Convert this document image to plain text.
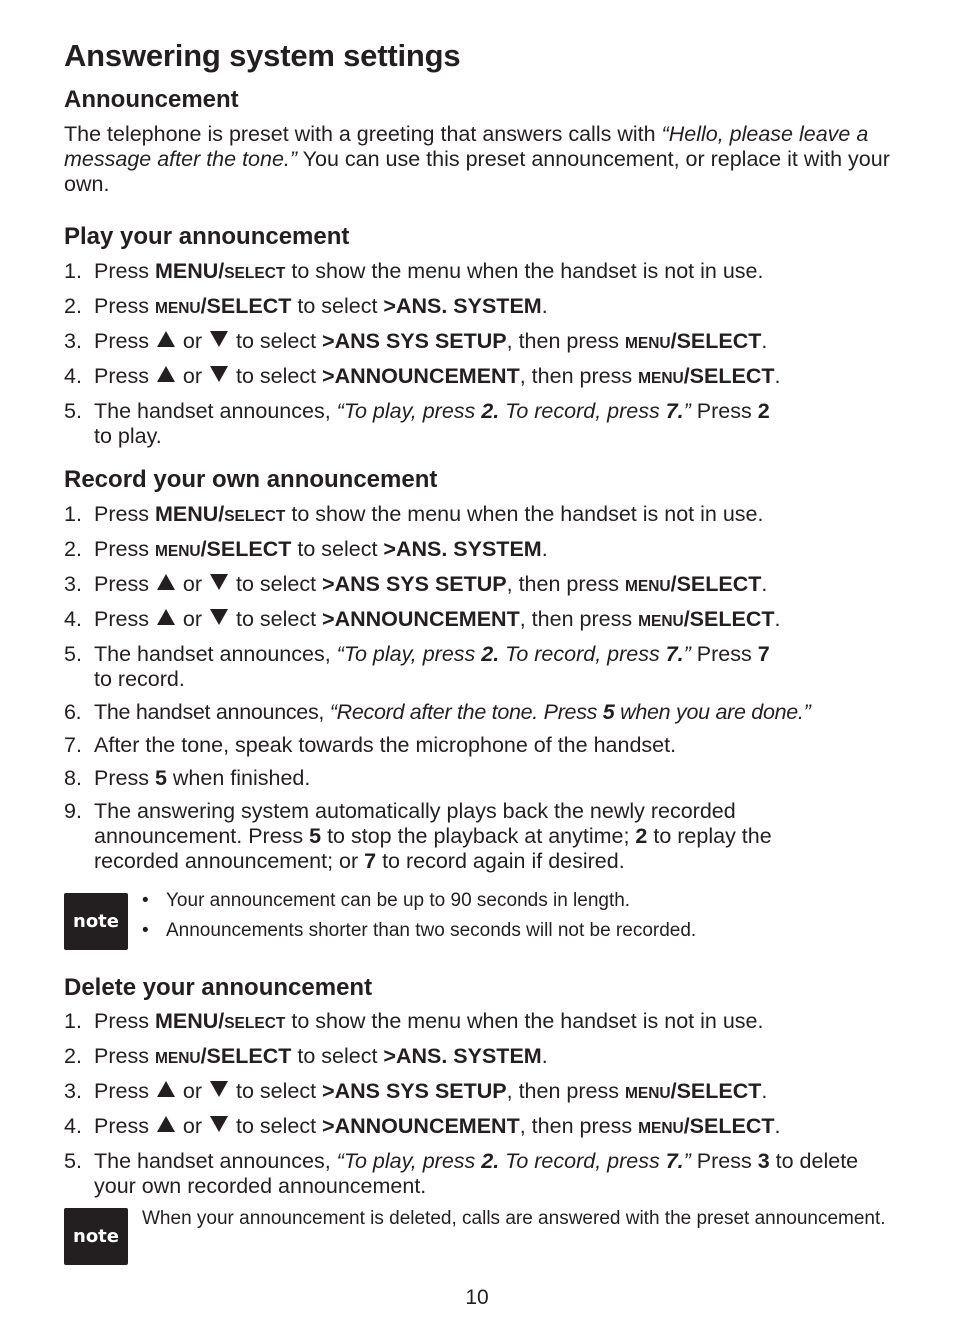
Answering system settings
Announcement

The telephone is preset with a greeting that answers calls with “Hello, please leave a message after the tone.” You can use this preset announcement, or replace it with your own.

Play your announcement
1. Press MENU/SELECT to show the menu when the handset is not in use.
2. Press MENU/SELECT to select >ANS. SYSTEM.
3. Press  or  to select >ANS SYS SETUP, then press MENU/SELECT.
4. Press  or  to select >ANNOUNCEMENT, then press MENU/SELECT.
5. The handset announces, “To play, press 2. To record, press 7.” Press 2
to play.
Record your own announcement
1. Press MENU/SELECT to show the menu when the handset is not in use.
2. Press MENU/SELECT to select >ANS. SYSTEM.
3. Press  or  to select >ANS SYS SETUP, then press MENU/SELECT.
4. Press  or  to select >ANNOUNCEMENT, then press MENU/SELECT.
5. The handset announces, “To play, press 2. To record, press 7.” Press 7
to record.
6. The handset announces, “Record after the tone. Press 5 when you are done.”
7. After the tone, speak towards the microphone of the handset.
8. Press 5 when finished.
9. The answering system automatically plays back the newly recorded announcement. Press 5 to stop the playback at anytime; 2 to replay the recorded announcement; or 7 to record again if desired.
note
• Your announcement can be up to 90 seconds in length.
• Announcements shorter than two seconds will not be recorded.
Delete your announcement
1. Press MENU/SELECT to show the menu when the handset is not in use.
2. Press MENU/SELECT to select >ANS. SYSTEM.
3. Press  or  to select >ANS SYS SETUP, then press MENU/SELECT.
4. Press  or  to select >ANNOUNCEMENT, then press MENU/SELECT.
5. The handset announces, “To play, press 2. To record, press 7.” Press 3 to delete your own recorded announcement.
note

When your announcement is deleted, calls are answered with the preset announcement.

10
